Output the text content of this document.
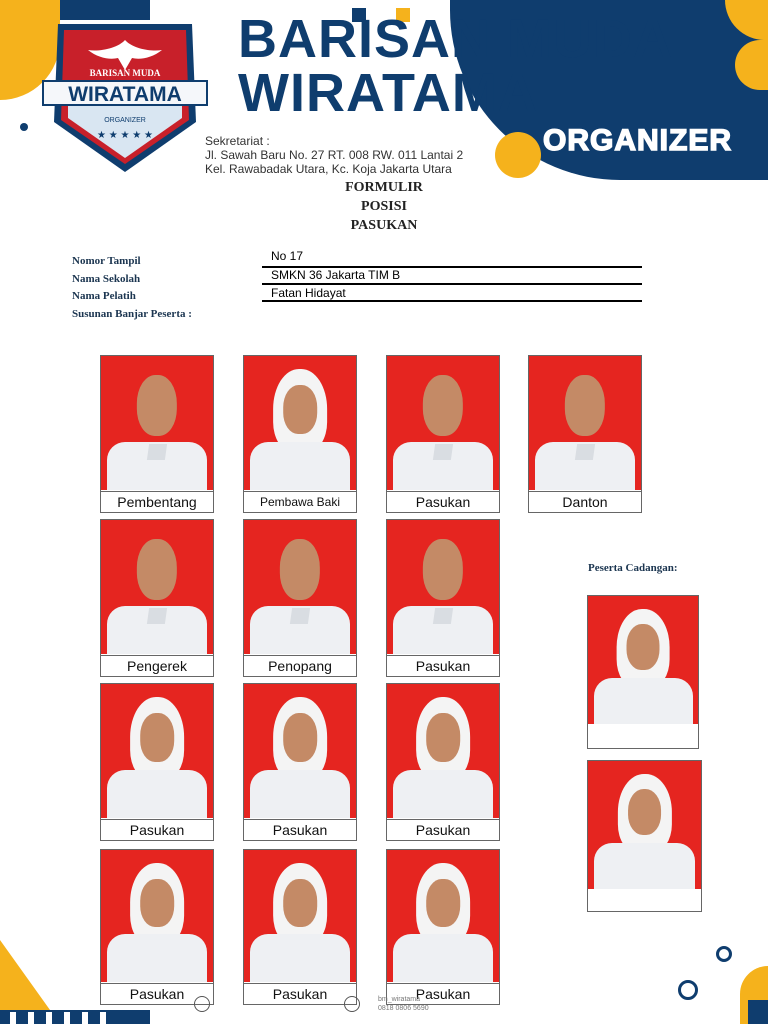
BARISAN MUDA
WIRATAMA
ORGANIZER
★ ★ ★ ★ ★
BARISAN MUDA
WIRATAMA
ORGANIZER
Sekretariat :
Jl. Sawah Baru No. 27 RT. 008 RW. 011 Lantai 2
Kel. Rawabadak Utara, Kc. Koja Jakarta Utara
FORMULIR
POSISI
PASUKAN
Nomor Tampil	No 17
Nama Sekolah	SMKN 36 Jakarta TIM B
Nama Pelatih	Fatan Hidayat
Susunan Banjar Peserta :
Pembentang	Pembawa Baki	Pasukan	Danton
Pengerek	Penopang	Pasukan
Pasukan	Pasukan	Pasukan
Pasukan	Pasukan	Pasukan
Peserta Cadangan:
bm_wiratama
0818 0806 5690
